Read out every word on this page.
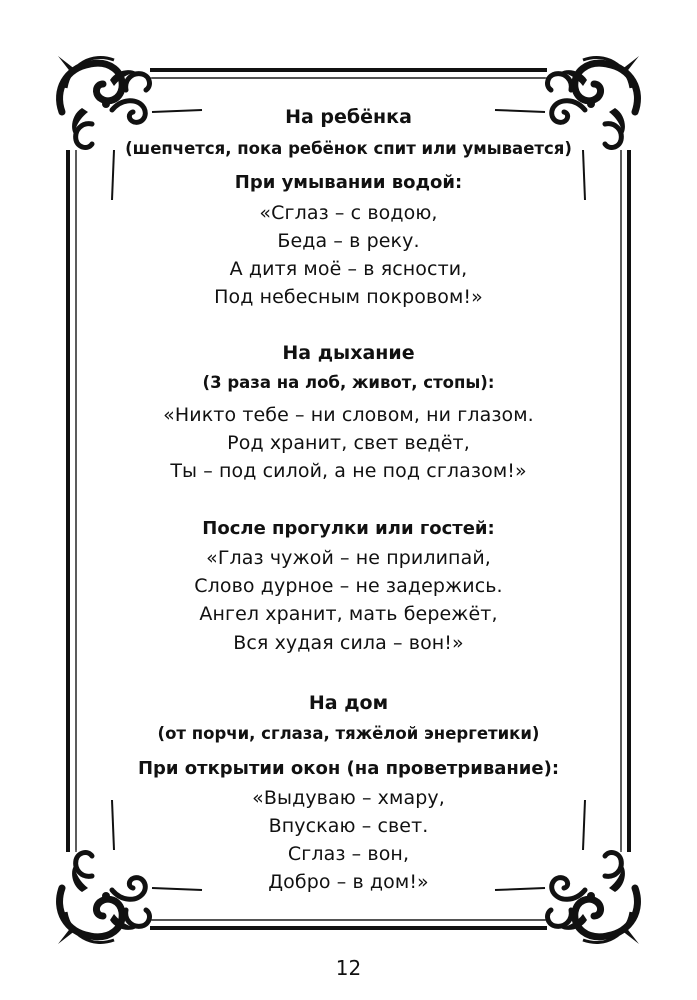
На ребёнка
(шепчется, пока ребёнок спит или умывается)
При умывании водой:
«Сглаз – с водою,
Беда – в реку.
А дитя моё – в ясности,
Под небесным покровом!»
На дыхание
(3 раза на лоб, живот, стопы):
«Никто тебе – ни словом, ни глазом.
Род хранит, свет ведёт,
Ты – под силой, а не под сглазом!»
После прогулки или гостей:
«Глаз чужой – не прилипай,
Слово дурное – не задержись.
Ангел хранит, мать бережёт,
Вся худая сила – вон!»
На дом
(от порчи, сглаза, тяжёлой энергетики)
При открытии окон (на проветривание):
«Выдуваю – хмару,
Впускаю – свет.
Сглаз – вон,
Добро – в дом!»
12
